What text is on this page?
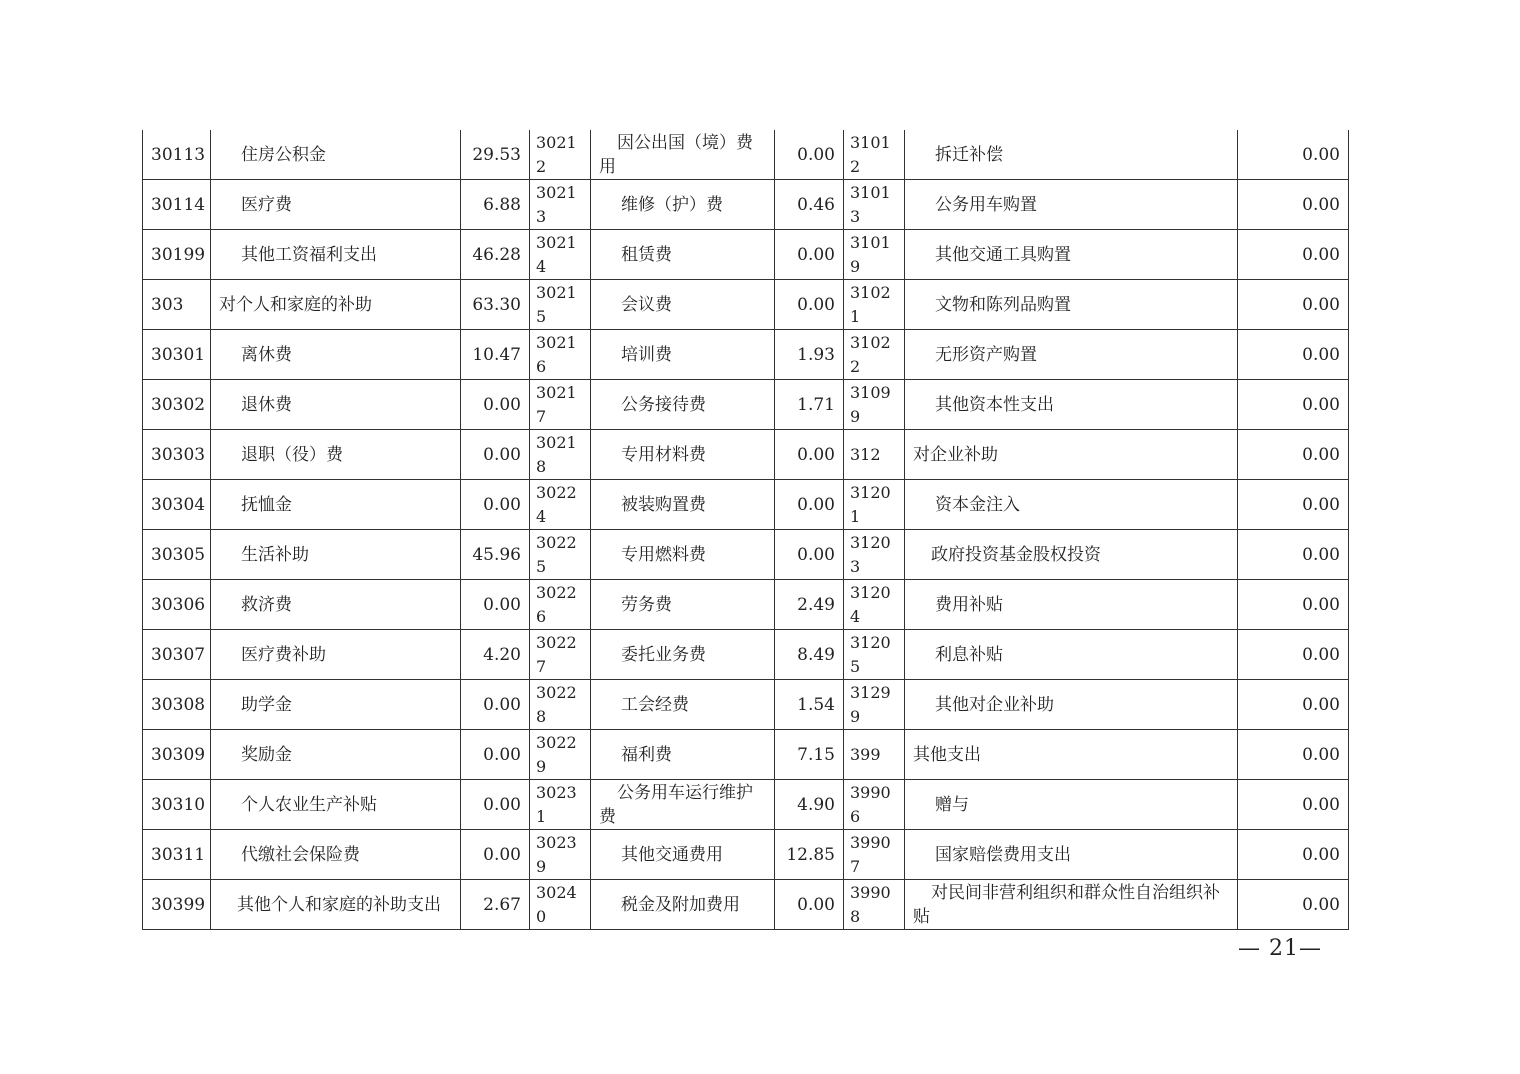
30113	住房公积金	29.53	30212	因公出国（境）费用	0.00	31012	拆迁补偿	0.00
30114	医疗费	6.88	30213	维修（护）费	0.46	31013	公务用车购置	0.00
30199	其他工资福利支出	46.28	30214	租赁费	0.00	31019	其他交通工具购置	0.00
303	对个人和家庭的补助	63.30	30215	会议费	0.00	31021	文物和陈列品购置	0.00
30301	离休费	10.47	30216	培训费	1.93	31022	无形资产购置	0.00
30302	退休费	0.00	30217	公务接待费	1.71	31099	其他资本性支出	0.00
30303	退职（役）费	0.00	30218	专用材料费	0.00	312	对企业补助	0.00
30304	抚恤金	0.00	30224	被装购置费	0.00	31201	资本金注入	0.00
30305	生活补助	45.96	30225	专用燃料费	0.00	31203	政府投资基金股权投资	0.00
30306	救济费	0.00	30226	劳务费	2.49	31204	费用补贴	0.00
30307	医疗费补助	4.20	30227	委托业务费	8.49	31205	利息补贴	0.00
30308	助学金	0.00	30228	工会经费	1.54	31299	其他对企业补助	0.00
30309	奖励金	0.00	30229	福利费	7.15	399	其他支出	0.00
30310	个人农业生产补贴	0.00	30231	公务用车运行维护费	4.90	39906	赠与	0.00
30311	代缴社会保险费	0.00	30239	其他交通费用	12.85	39907	国家赔偿费用支出	0.00
30399	其他个人和家庭的补助支出	2.67	30240	税金及附加费用	0.00	39908	对民间非营利组织和群众性自治组织补贴	0.00
— 21—
